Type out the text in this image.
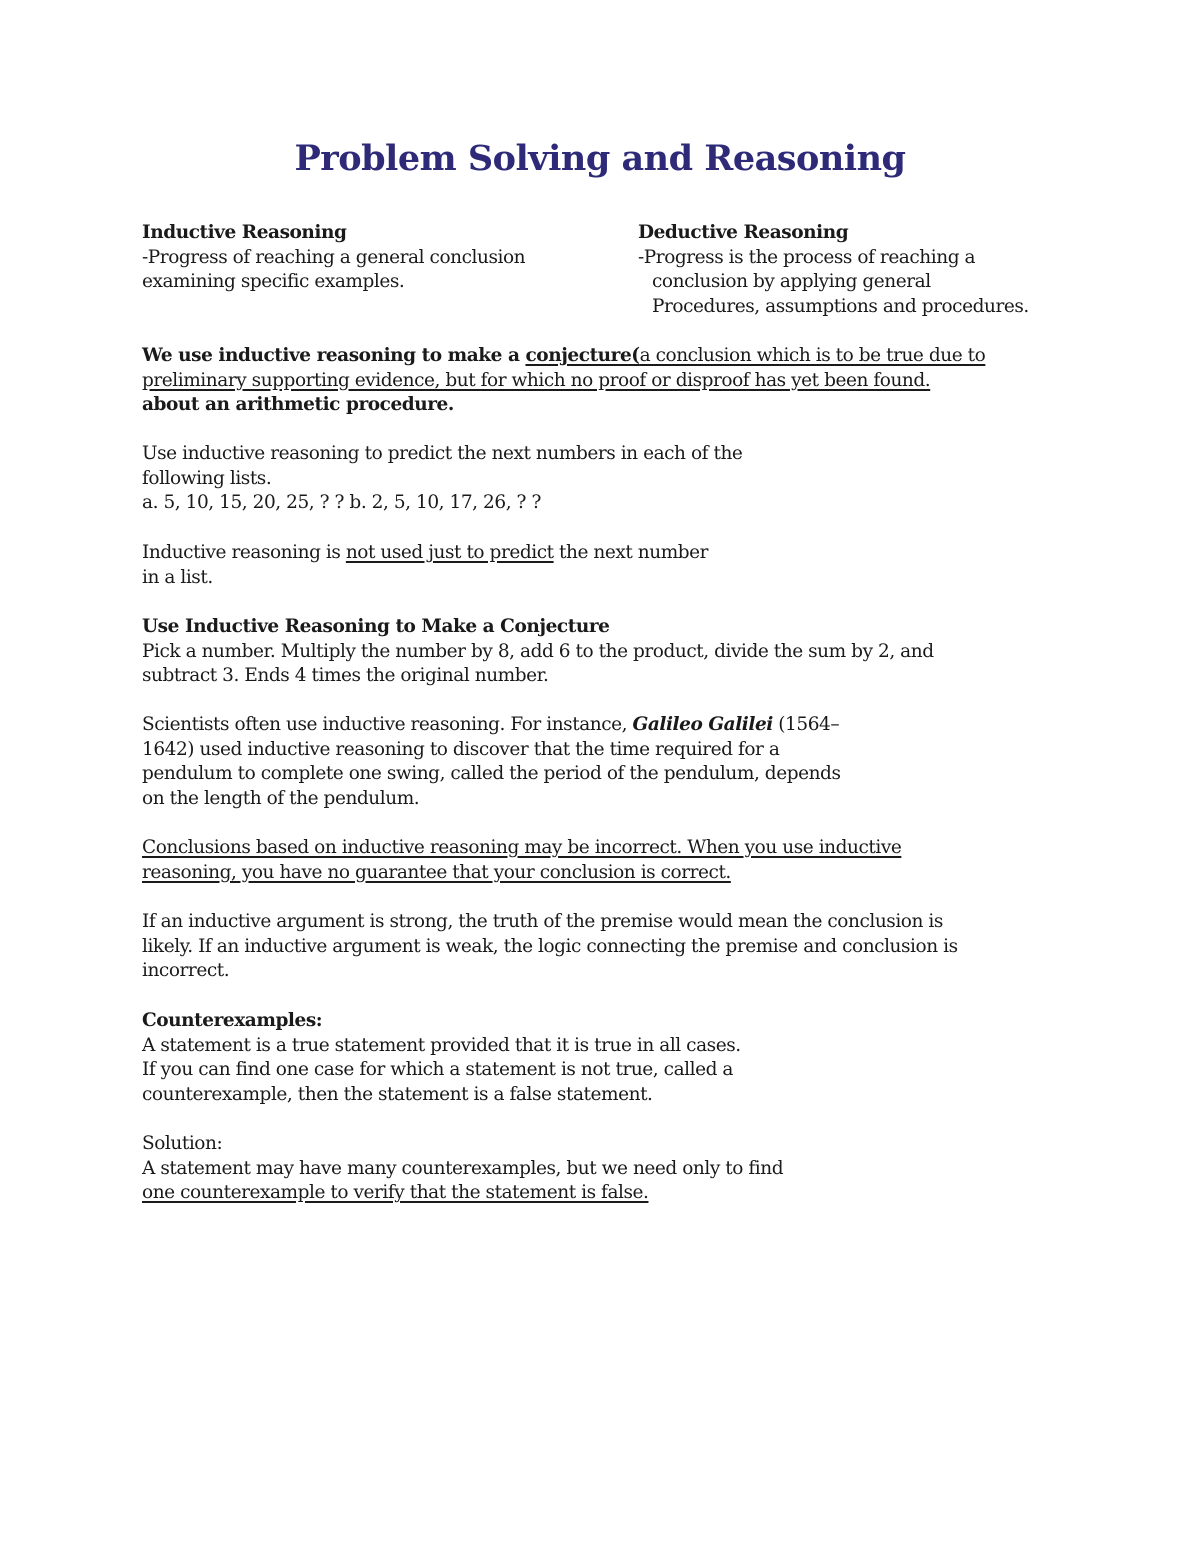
Problem Solving and Reasoning
Inductive Reasoning
-Progress of reaching a general conclusion
examining specific examples.
Deductive Reasoning
-Progress is the process of reaching a
conclusion by applying general
Procedures, assumptions and procedures.
We use inductive reasoning to make a conjecture(a conclusion which is to be true due to
preliminary supporting evidence, but for which no proof or disproof has yet been found.
about an arithmetic procedure.
Use inductive reasoning to predict the next numbers in each of the
following lists.
a. 5, 10, 15, 20, 25, ? ? b. 2, 5, 10, 17, 26, ? ?
Inductive reasoning is not used just to predict the next number
in a list.
Use Inductive Reasoning to Make a Conjecture
Pick a number. Multiply the number by 8, add 6 to the product, divide the sum by 2, and
subtract 3. Ends 4 times the original number.
Scientists often use inductive reasoning. For instance, Galileo Galilei (1564–
1642) used inductive reasoning to discover that the time required for a
pendulum to complete one swing, called the period of the pendulum, depends
on the length of the pendulum.
Conclusions based on inductive reasoning may be incorrect. When you use inductive
reasoning, you have no guarantee that your conclusion is correct.
If an inductive argument is strong, the truth of the premise would mean the conclusion is
likely. If an inductive argument is weak, the logic connecting the premise and conclusion is
incorrect.
Counterexamples:
A statement is a true statement provided that it is true in all cases.
If you can find one case for which a statement is not true, called a
counterexample, then the statement is a false statement.
Solution:
A statement may have many counterexamples, but we need only to find
one counterexample to verify that the statement is false.
